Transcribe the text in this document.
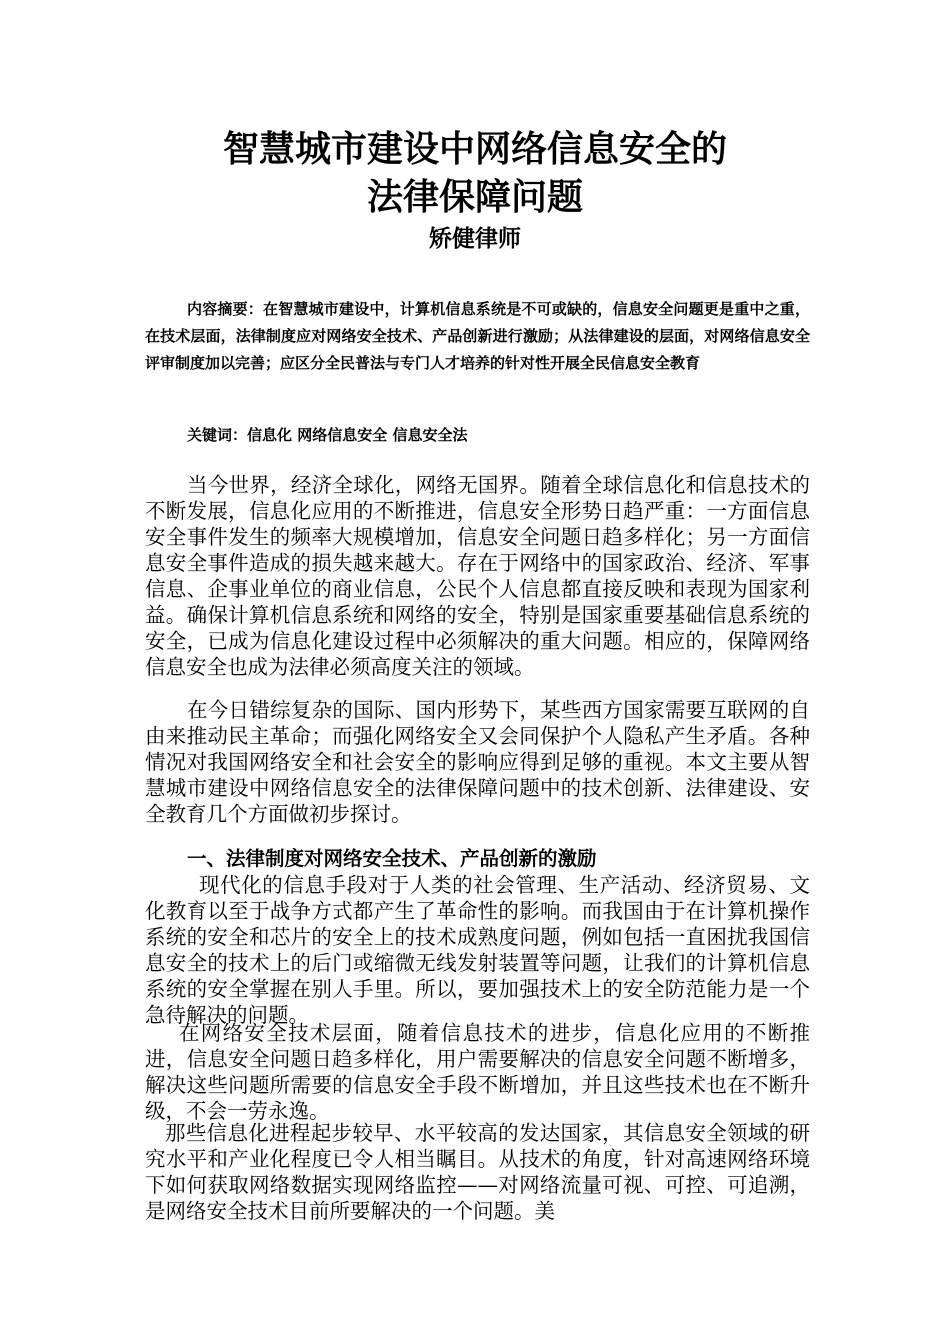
智慧城市建设中网络信息安全的
法律保障问题
矫健律师

内容摘要：在智慧城市建设中，计算机信息系统是不可或缺的，信息安全问题更是重中之重，在技术层面，法律制度应对网络安全技术、产品创新进行激励；从法律建设的层面，对网络信息安全评审制度加以完善；应区分全民普法与专门人才培养的针对性开展全民信息安全教育

关键词：信息化 网络信息安全 信息安全法

当今世界，经济全球化，网络无国界。随着全球信息化和信息技术的不断发展，信息化应用的不断推进，信息安全形势日趋严重：一方面信息安全事件发生的频率大规模增加，信息安全问题日趋多样化；另一方面信息安全事件造成的损失越来越大。存在于网络中的国家政治、经济、军事信息、企事业单位的商业信息，公民个人信息都直接反映和表现为国家利益。确保计算机信息系统和网络的安全，特别是国家重要基础信息系统的安全，已成为信息化建设过程中必须解决的重大问题。相应的，保障网络信息安全也成为法律必须高度关注的领域。

在今日错综复杂的国际、国内形势下，某些西方国家需要互联网的自由来推动民主革命；而强化网络安全又会同保护个人隐私产生矛盾。各种情况对我国网络安全和社会安全的影响应得到足够的重视。本文主要从智慧城市建设中网络信息安全的法律保障问题中的技术创新、法律建设、安全教育几个方面做初步探讨。

一、法律制度对网络安全技术、产品创新的激励

现代化的信息手段对于人类的社会管理、生产活动、经济贸易、文化教育以至于战争方式都产生了革命性的影响。而我国由于在计算机操作系统的安全和芯片的安全上的技术成熟度问题，例如包括一直困扰我国信息安全的技术上的后门或缩微无线发射装置等问题，让我们的计算机信息系统的安全掌握在别人手里。所以，要加强技术上的安全防范能力是一个急待解决的问题。

在网络安全技术层面，随着信息技术的进步，信息化应用的不断推进，信息安全问题日趋多样化，用户需要解决的信息安全问题不断增多，解决这些问题所需要的信息安全手段不断增加，并且这些技术也在不断升级，不会一劳永逸。

那些信息化进程起步较早、水平较高的发达国家，其信息安全领域的研究水平和产业化程度已令人相当瞩目。从技术的角度，针对高速网络环境下如何获取网络数据实现网络监控——对网络流量可视、可控、可追溯，是网络安全技术目前所要解决的一个问题。美
